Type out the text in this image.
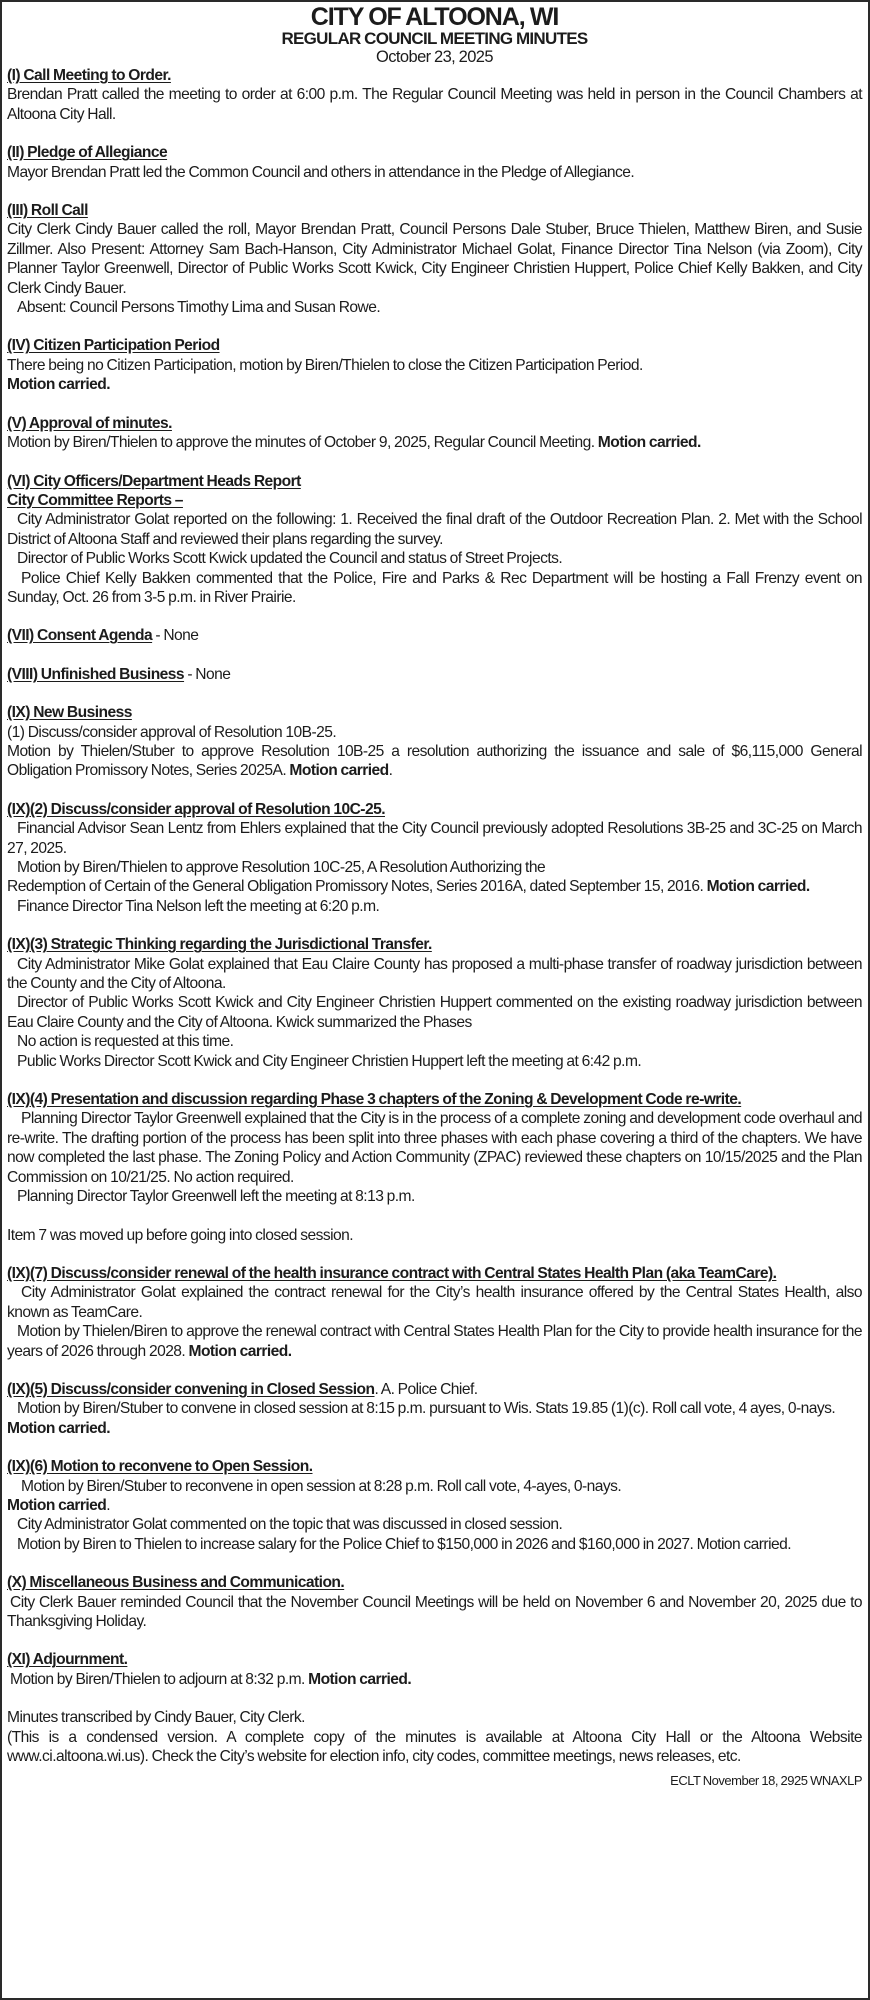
CITY OF ALTOONA, WI
REGULAR COUNCIL MEETING MINUTES
October 23, 2025
(I) Call Meeting to Order.

Brendan Pratt called the meeting to order at 6:00 p.m. The Regular Council Meeting was held in person in the Council Chambers at Altoona City Hall.

(II) Pledge of Allegiance

Mayor Brendan Pratt led the Common Council and others in attendance in the Pledge of Allegiance.

(III) Roll Call

City Clerk Cindy Bauer called the roll, Mayor Brendan Pratt, Council Persons Dale Stuber, Bruce Thielen, Matthew Biren, and Susie Zillmer. Also Present: Attorney Sam Bach-Hanson, City Administrator Michael Golat, Finance Director Tina Nelson (via Zoom), City Planner Taylor Greenwell, Director of Public Works Scott Kwick, City Engineer Christien Huppert, Police Chief Kelly Bakken, and City Clerk Cindy Bauer.

Absent: Council Persons Timothy Lima and Susan Rowe.

(IV) Citizen Participation Period

There being no Citizen Participation, motion by Biren/Thielen to close the Citizen Participation Period.

Motion carried.

(V) Approval of minutes.

Motion by Biren/Thielen to approve the minutes of October 9, 2025, Regular Council Meeting. Motion carried.

(VI) City Officers/Department Heads Report
City Committee Reports –

City Administrator Golat reported on the following: 1. Received the final draft of the Outdoor Recreation Plan. 2. Met with the School District of Altoona Staff and reviewed their plans regarding the survey.

Director of Public Works Scott Kwick updated the Council and status of Street Projects.

Police Chief Kelly Bakken commented that the Police, Fire and Parks & Rec Department will be hosting a Fall Frenzy event on Sunday, Oct. 26 from 3-5 p.m. in River Prairie.

(VII) Consent Agenda - None
(VIII) Unfinished Business - None
(IX) New Business

(1) Discuss/consider approval of Resolution 10B-25.

Motion by Thielen/Stuber to approve Resolution 10B-25 a resolution authorizing the issuance and sale of $6,115,000 General Obligation Promissory Notes, Series 2025A. Motion carried.

(IX)(2) Discuss/consider approval of Resolution 10C-25.

Financial Advisor Sean Lentz from Ehlers explained that the City Council previously adopted Resolutions 3B-25 and 3C-25 on March 27, 2025.

Motion by Biren/Thielen to approve Resolution 10C-25, A Resolution Authorizing the

Redemption of Certain of the General Obligation Promissory Notes, Series 2016A, dated September 15, 2016. Motion carried.

Finance Director Tina Nelson left the meeting at 6:20 p.m.

(IX)(3) Strategic Thinking regarding the Jurisdictional Transfer.

City Administrator Mike Golat explained that Eau Claire County has proposed a multi-phase transfer of roadway jurisdiction between the County and the City of Altoona.

Director of Public Works Scott Kwick and City Engineer Christien Huppert commented on the existing roadway jurisdiction between Eau Claire County and the City of Altoona. Kwick summarized the Phases

No action is requested at this time.

Public Works Director Scott Kwick and City Engineer Christien Huppert left the meeting at 6:42 p.m.

(IX)(4) Presentation and discussion regarding Phase 3 chapters of the Zoning & Development Code re-write.

Planning Director Taylor Greenwell explained that the City is in the process of a complete zoning and development code overhaul and re-write. The drafting portion of the process has been split into three phases with each phase covering a third of the chapters. We have now completed the last phase. The Zoning Policy and Action Community (ZPAC) reviewed these chapters on 10/15/2025 and the Plan Commission on 10/21/25. No action required.

Planning Director Taylor Greenwell left the meeting at 8:13 p.m.

Item 7 was moved up before going into closed session.

(IX)(7) Discuss/consider renewal of the health insurance contract with Central States Health Plan (aka TeamCare).

City Administrator Golat explained the contract renewal for the City’s health insurance offered by the Central States Health, also known as TeamCare.

Motion by Thielen/Biren to approve the renewal contract with Central States Health Plan for the City to provide health insurance for the years of 2026 through 2028. Motion carried.

(IX)(5) Discuss/consider convening in Closed Session. A. Police Chief.

Motion by Biren/Stuber to convene in closed session at 8:15 p.m. pursuant to Wis. Stats 19.85 (1)(c). Roll call vote, 4 ayes, 0-nays. Motion carried.

(IX)(6) Motion to reconvene to Open Session.

Motion by Biren/Stuber to reconvene in open session at 8:28 p.m. Roll call vote, 4-ayes, 0-nays.

Motion carried.

City Administrator Golat commented on the topic that was discussed in closed session.

Motion by Biren to Thielen to increase salary for the Police Chief to $150,000 in 2026 and $160,000 in 2027. Motion carried.

(X) Miscellaneous Business and Communication.

City Clerk Bauer reminded Council that the November Council Meetings will be held on November 6 and November 20, 2025 due to Thanksgiving Holiday.

(XI) Adjournment.

Motion by Biren/Thielen to adjourn at 8:32 p.m. Motion carried.

Minutes transcribed by Cindy Bauer, City Clerk.

(This is a condensed version. A complete copy of the minutes is available at Altoona City Hall or the Altoona Website www.ci.altoona.wi.us). Check the City’s website for election info, city codes, committee meetings, news releases, etc.

ECLT November 18, 2925 WNAXLP
